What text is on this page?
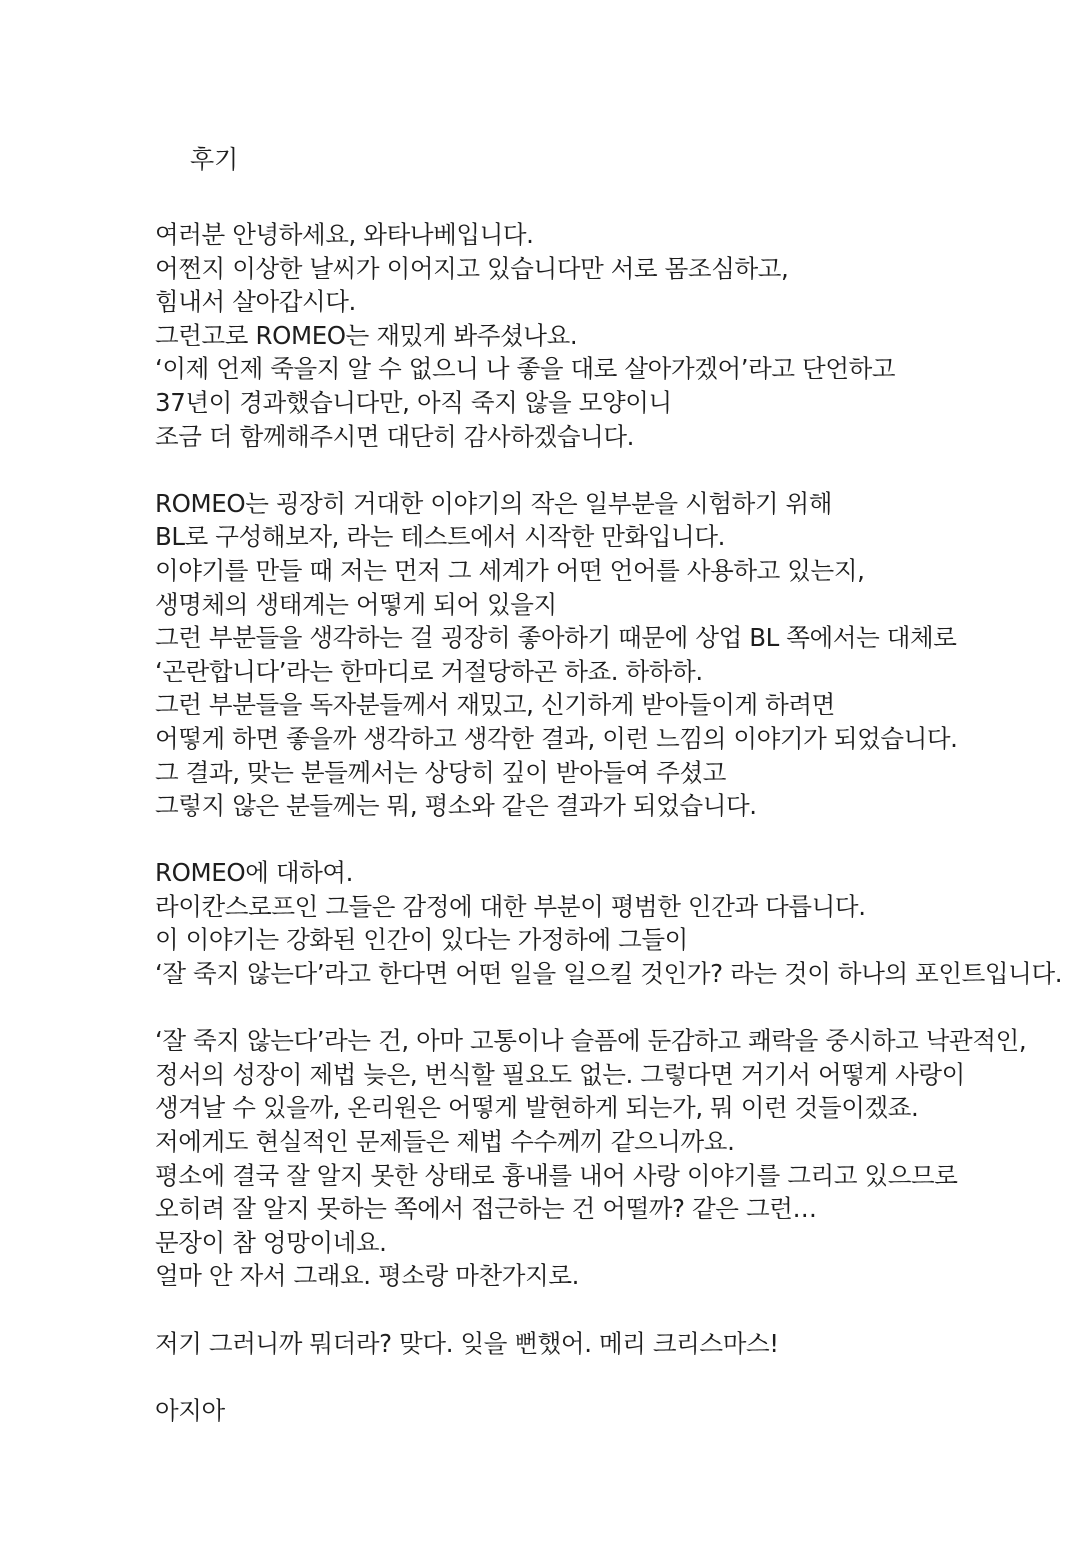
후기
여러분 안녕하세요, 와타나베입니다.
어쩐지 이상한 날씨가 이어지고 있습니다만 서로 몸조심하고,
힘내서 살아갑시다.
그런고로 ROMEO는 재밌게 봐주셨나요.
‘이제 언제 죽을지 알 수 없으니 나 좋을 대로 살아가겠어’라고 단언하고
37년이 경과했습니다만, 아직 죽지 않을 모양이니
조금 더 함께해주시면 대단히 감사하겠습니다.
ROMEO는 굉장히 거대한 이야기의 작은 일부분을 시험하기 위해
BL로 구성해보자, 라는 테스트에서 시작한 만화입니다.
이야기를 만들 때 저는 먼저 그 세계가 어떤 언어를 사용하고 있는지,
생명체의 생태계는 어떻게 되어 있을지
그런 부분들을 생각하는 걸 굉장히 좋아하기 때문에 상업 BL 쪽에서는 대체로
‘곤란합니다’라는 한마디로 거절당하곤 하죠. 하하하.
그런 부분들을 독자분들께서 재밌고, 신기하게 받아들이게 하려면
어떻게 하면 좋을까 생각하고 생각한 결과, 이런 느낌의 이야기가 되었습니다.
그 결과, 맞는 분들께서는 상당히 깊이 받아들여 주셨고
그렇지 않은 분들께는 뭐, 평소와 같은 결과가 되었습니다.
ROMEO에 대하여.
라이칸스로프인 그들은 감정에 대한 부분이 평범한 인간과 다릅니다.
이 이야기는 강화된 인간이 있다는 가정하에 그들이
‘잘 죽지 않는다’라고 한다면 어떤 일을 일으킬 것인가? 라는 것이 하나의 포인트입니다.
‘잘 죽지 않는다’라는 건, 아마 고통이나 슬픔에 둔감하고 쾌락을 중시하고 낙관적인,
정서의 성장이 제법 늦은, 번식할 필요도 없는. 그렇다면 거기서 어떻게 사랑이
생겨날 수 있을까, 온리원은 어떻게 발현하게 되는가, 뭐 이런 것들이겠죠.
저에게도 현실적인 문제들은 제법 수수께끼 같으니까요.
평소에 결국 잘 알지 못한 상태로 흉내를 내어 사랑 이야기를 그리고 있으므로
오히려 잘 알지 못하는 쪽에서 접근하는 건 어떨까? 같은 그런…
문장이 참 엉망이네요.
얼마 안 자서 그래요. 평소랑 마찬가지로.
저기 그러니까 뭐더라? 맞다. 잊을 뻔했어. 메리 크리스마스!
아지아
